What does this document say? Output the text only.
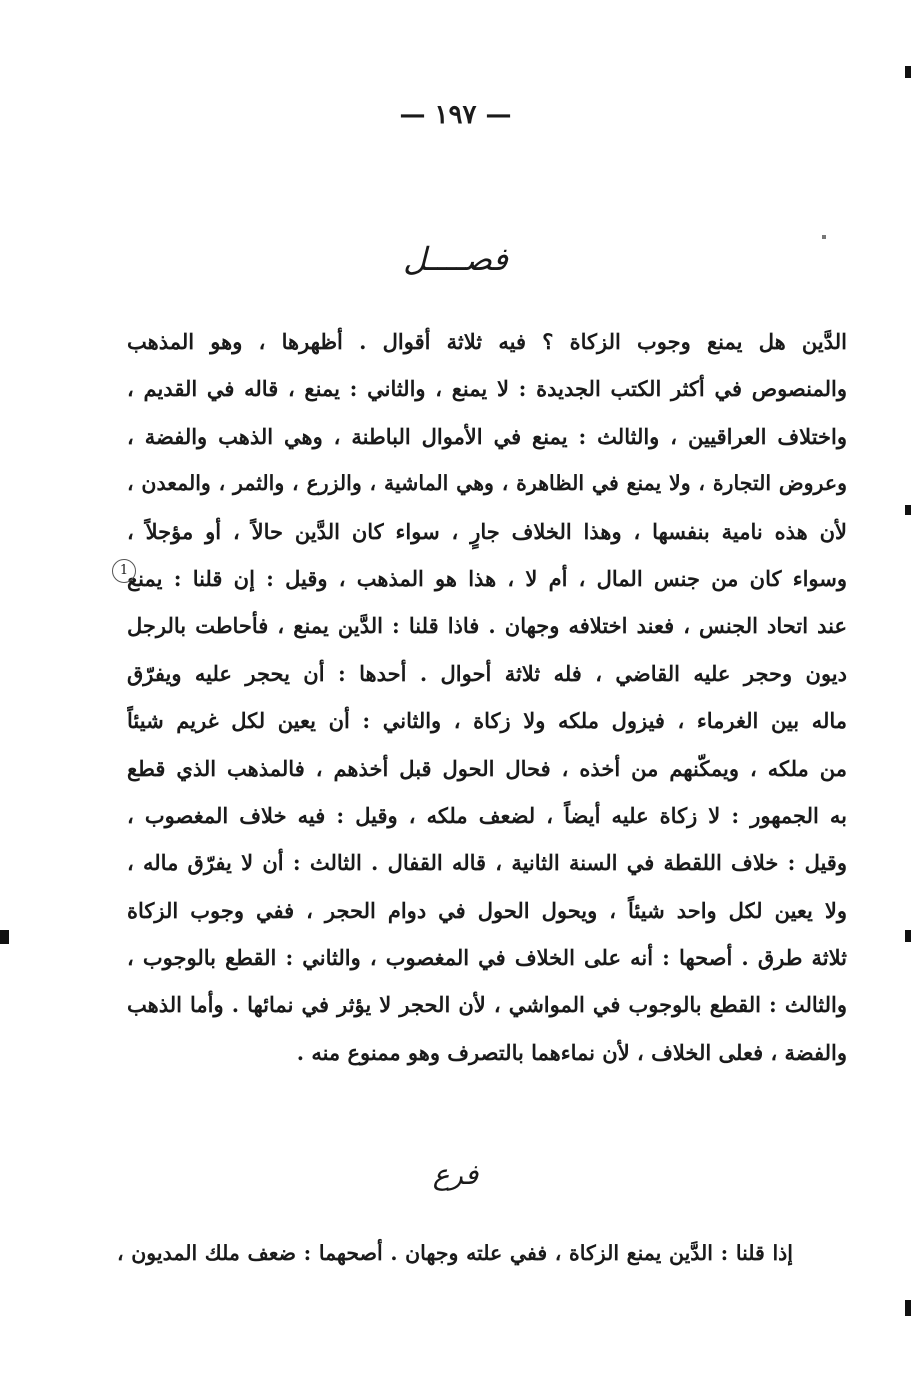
— ١٩٧ —
فصــــل
الدَّين هل يمنع وجوب الزكاة ؟ فيه ثلاثة أقوال . أظهرها ، وهو المذهب
والمنصوص في أكثر الكتب الجديدة : لا يمنع ، والثاني : يمنع ، قاله في القديم ،
واختلاف العراقيين ، والثالث : يمنع في الأموال الباطنة ، وهي الذهب والفضة ،
وعروض التجارة ، ولا يمنع في الظاهرة ، وهي الماشية ، والزرع ، والثمر ، والمعدن ،
لأن هذه نامية بنفسها ، وهذا الخلاف جارٍ ، سواء كان الدَّين حالاً ، أو مؤجلاً ،
وسواء كان من جنس المال ، أم لا ، هذا هو المذهب ، وقيل : إن قلنا : يمنع
عند اتحاد الجنس ، فعند اختلافه وجهان . فاذا قلنا : الدَّين يمنع ، فأحاطت بالرجل
ديون وحجر عليه القاضي ، فله ثلاثة أحوال . أحدها : أن يحجر عليه ويفرّق
ماله بين الغرماء ، فيزول ملكه ولا زكاة ، والثاني : أن يعين لكل غريم شيئاً
من ملكه ، ويمكّنهم من أخذه ، فحال الحول قبل أخذهم ، فالمذهب الذي قطع
به الجمهور : لا زكاة عليه أيضاً ، لضعف ملكه ، وقيل : فيه خلاف المغصوب ،
وقيل : خلاف اللقطة في السنة الثانية ، قاله القفال . الثالث : أن لا يفرّق ماله ،
ولا يعين لكل واحد شيئاً ، ويحول الحول في دوام الحجر ، ففي وجوب الزكاة
ثلاثة طرق . أصحها : أنه على الخلاف في المغصوب ، والثاني : القطع بالوجوب ،
والثالث : القطع بالوجوب في المواشي ، لأن الحجر لا يؤثر في نمائها . وأما الذهب
والفضة ، فعلى الخلاف ، لأن نماءهما بالتصرف وهو ممنوع منه .
1
فرع
إذا قلنا : الدَّين يمنع الزكاة ، ففي علته وجهان . أصحهما : ضعف ملك المديون ،
